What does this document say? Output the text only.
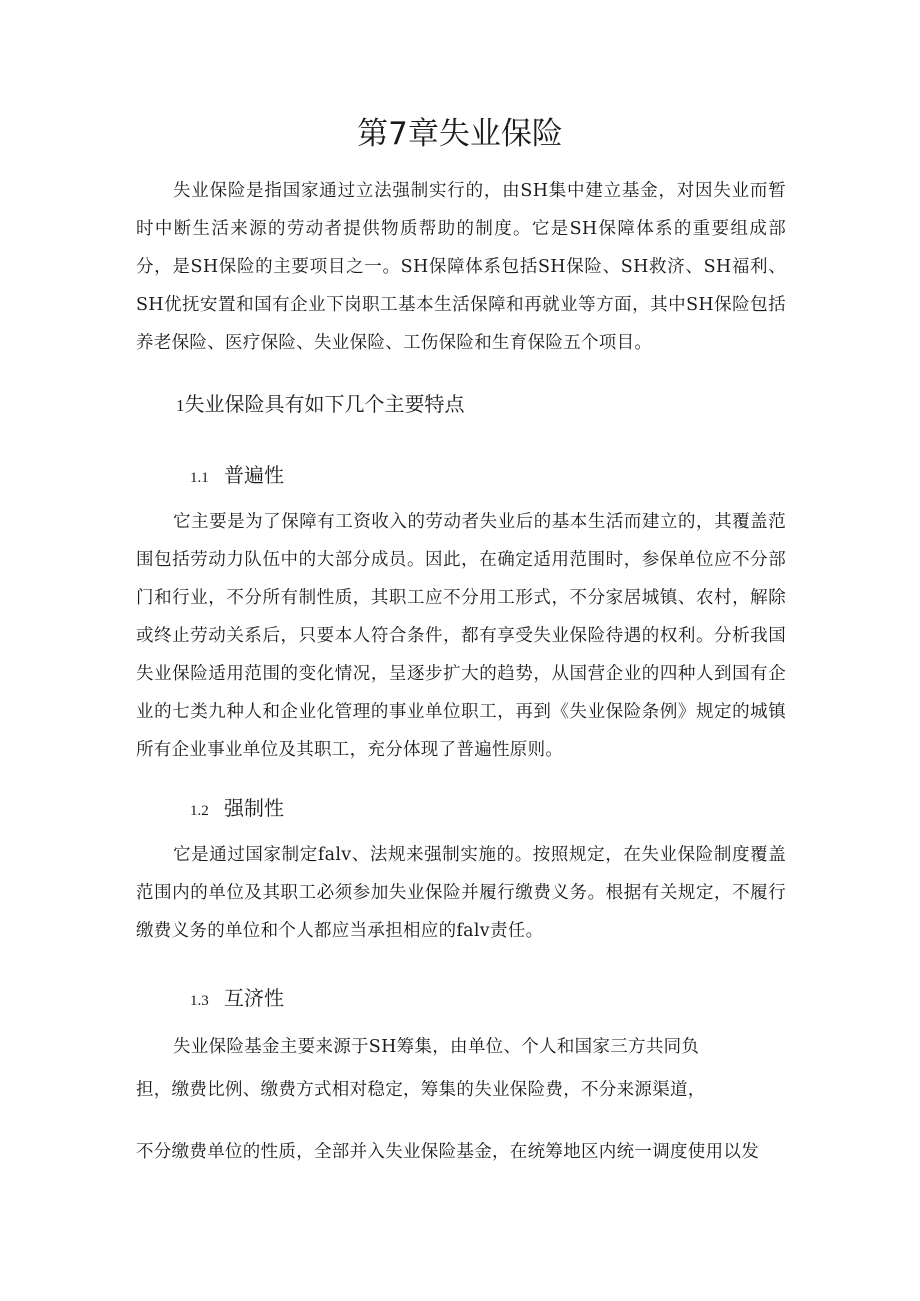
第7章失业保险

失业保险是指国家通过立法强制实行的，由SH集中建立基金，对因失业而暂时中断生活来源的劳动者提供物质帮助的制度。它是SH保障体系的重要组成部分，是SH保险的主要项目之一。SH保障体系包括SH保险、SH救济、SH福利、SH优抚安置和国有企业下岗职工基本生活保障和再就业等方面，其中SH保险包括养老保险、医疗保险、失业保险、工伤保险和生育保险五个项目。

1失业保险具有如下几个主要特点
1.1 普遍性

它主要是为了保障有工资收入的劳动者失业后的基本生活而建立的，其覆盖范围包括劳动力队伍中的大部分成员。因此，在确定适用范围时，参保单位应不分部门和行业，不分所有制性质，其职工应不分用工形式，不分家居城镇、农村，解除或终止劳动关系后，只要本人符合条件，都有享受失业保险待遇的权利。分析我国失业保险适用范围的变化情况，呈逐步扩大的趋势，从国营企业的四种人到国有企业的七类九种人和企业化管理的事业单位职工，再到《失业保险条例》规定的城镇所有企业事业单位及其职工，充分体现了普遍性原则。

1.2 强制性

它是通过国家制定falv、法规来强制实施的。按照规定，在失业保险制度覆盖范围内的单位及其职工必须参加失业保险并履行缴费义务。根据有关规定，不履行缴费义务的单位和个人都应当承担相应的falv责任。

1.3 互济性

失业保险基金主要来源于SH筹集，由单位、个人和国家三方共同负

担，缴费比例、缴费方式相对稳定，筹集的失业保险费，不分来源渠道，

不分缴费单位的性质，全部并入失业保险基金，在统筹地区内统一调度使用以发
